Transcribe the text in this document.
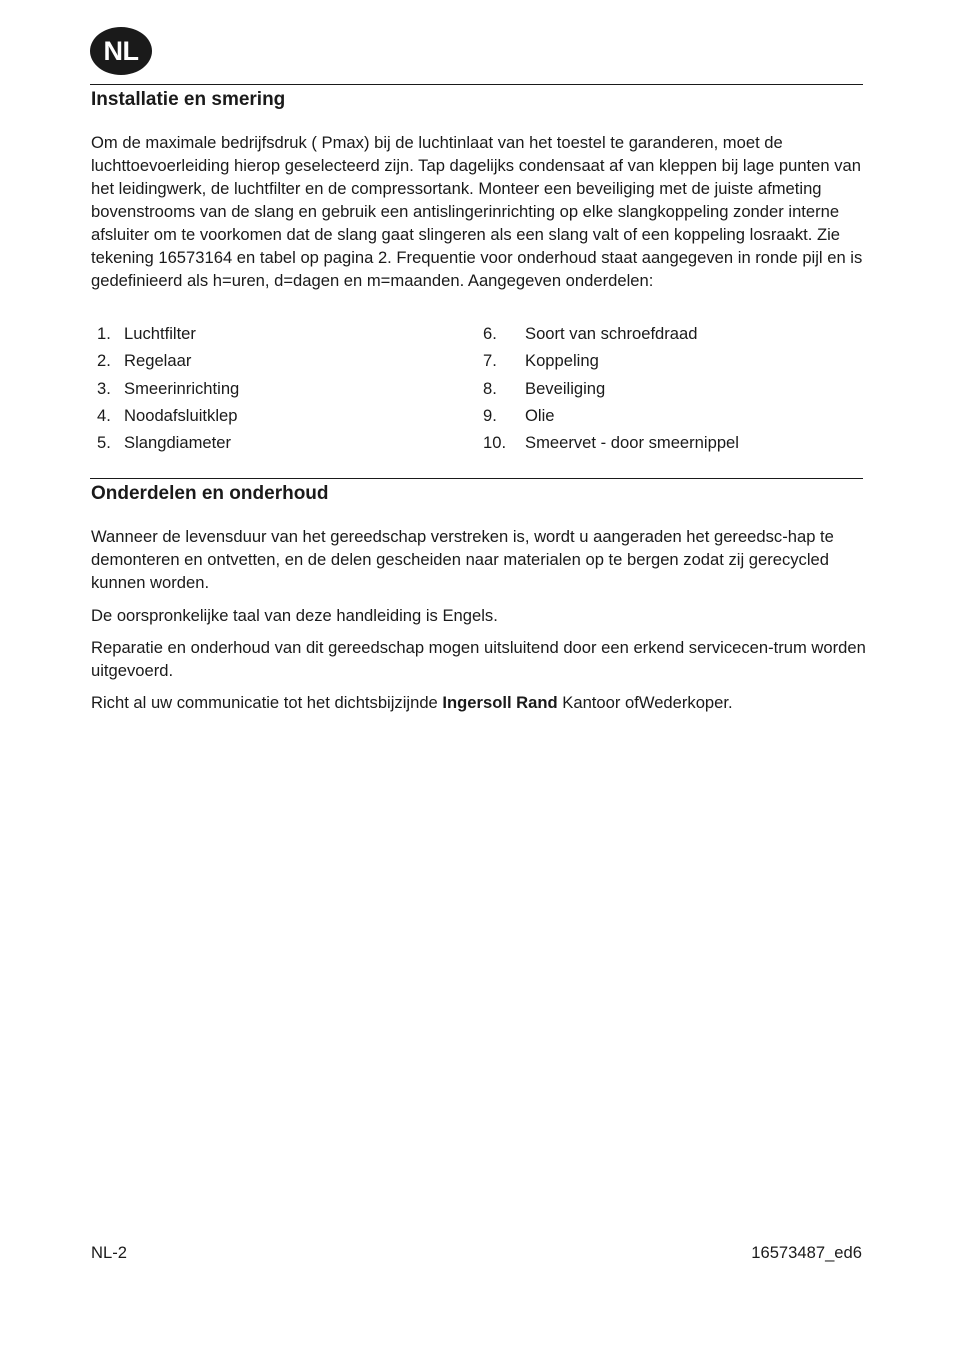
NL
Installatie en smering

Om de maximale bedrijfsdruk ( Pmax) bij de luchtinlaat van het toestel te garanderen, moet de luchttoevoerleiding hierop geselecteerd zijn. Tap dagelijks condensaat af van kleppen bij lage punten van het leidingwerk, de luchtfilter en de compressortank. Monteer een beveiliging met de juiste afmeting bovenstrooms van de slang en gebruik een antislingerinrichting op elke slangkoppeling zonder interne afsluiter om te voorkomen dat de slang gaat slingeren als een slang valt of een koppeling losraakt. Zie tekening 16573164 en tabel op pagina 2. Frequentie voor onderhoud staat aangegeven in ronde pijl en is gedefinieerd als h=uren, d=dagen en m=maanden. Aangegeven onderdelen:

1. Luchtfilter
2. Regelaar
3. Smeerinrichting
4. Noodafsluitklep
5. Slangdiameter
6. Soort van schroefdraad
7. Koppeling
8. Beveiliging
9. Olie
10. Smeervet - door smeernippel
Onderdelen en onderhoud

Wanneer de levensduur van het gereedschap verstreken is, wordt u aangeraden het gereedsc-hap te demonteren en ontvetten, en de delen gescheiden naar materialen op te bergen zodat zij gerecycled kunnen worden.

De oorspronkelijke taal van deze handleiding is Engels.

Reparatie en onderhoud van dit gereedschap mogen uitsluitend door een erkend servicecen-trum worden uitgevoerd.

Richt al uw communicatie tot het dichtsbijzijnde Ingersoll Rand Kantoor ofWederkoper.

NL-2	16573487_ed6
